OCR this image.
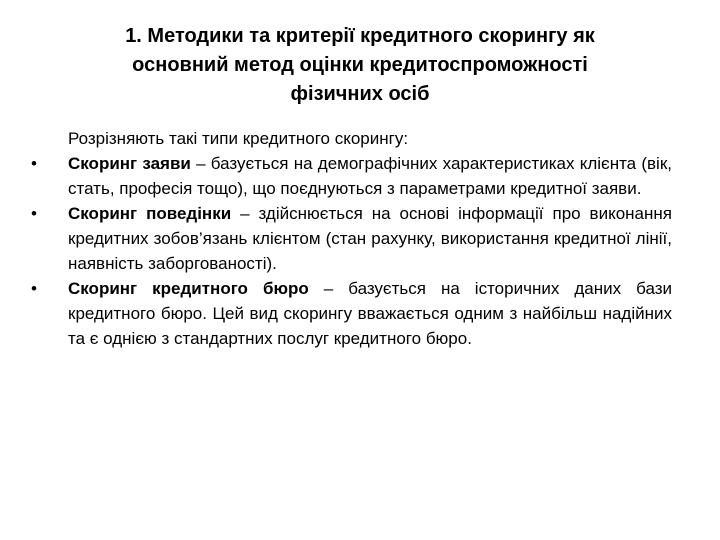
1. Методики та критерії кредитного скорингу як
основний метод оцінки кредитоспроможності
фізичних осіб

Розрізняють такі типи кредитного скорингу:

• Скоринг заяви – базується на демографічних характеристиках клієнта (вік, стать, професія тощо), що поєднуються з параметрами кредитної заяви.
• Скоринг поведінки – здійснюється на основі інформації про виконання кредитних зобов’язань клієнтом (стан рахунку, використання кредитної лінії, наявність заборгованості).
• Скоринг кредитного бюро – базується на історичних даних бази кредитного бюро. Цей вид скорингу вважається одним з найбільш надійних та є однією з стандартних послуг кредитного бюро.
